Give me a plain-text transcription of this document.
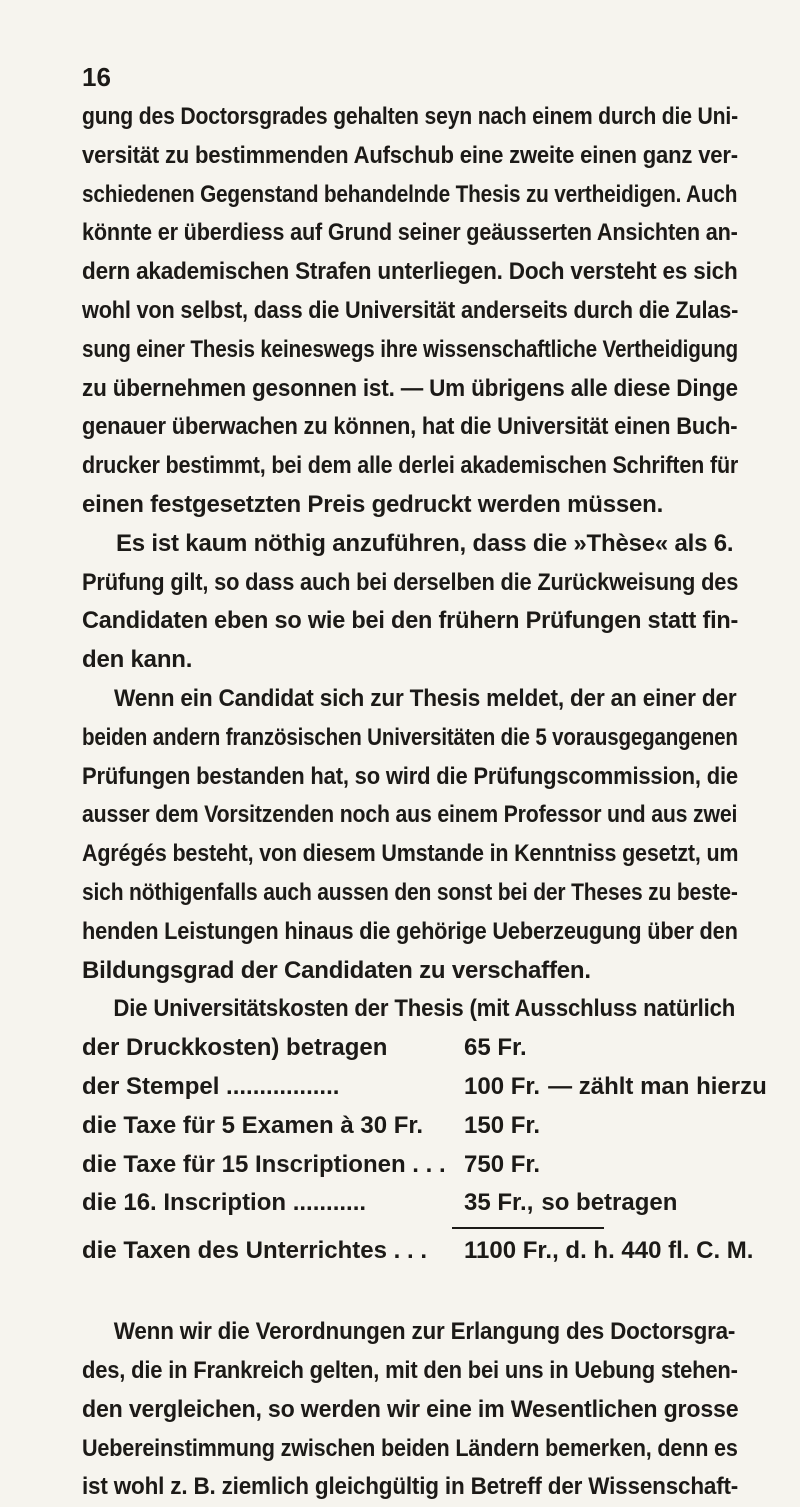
16
gung des Doctorsgrades gehalten seyn nach einem durch die Uni-
versität zu bestimmenden Aufschub eine zweite einen ganz ver-
schiedenen Gegenstand behandelnde Thesis zu vertheidigen. Auch
könnte er überdiess auf Grund seiner geäusserten Ansichten an-
dern akademischen Strafen unterliegen. Doch versteht es sich
wohl von selbst, dass die Universität anderseits durch die Zulas-
sung einer Thesis keineswegs ihre wissenschaftliche Vertheidigung
zu übernehmen gesonnen ist. — Um übrigens alle diese Dinge
genauer überwachen zu können, hat die Universität einen Buch-
drucker bestimmt, bei dem alle derlei akademischen Schriften für
einen festgesetzten Preis gedruckt werden müssen.
Es ist kaum nöthig anzuführen, dass die »Thèse« als 6.
Prüfung gilt, so dass auch bei derselben die Zurückweisung des
Candidaten eben so wie bei den frühern Prüfungen statt fin-
den kann.
Wenn ein Candidat sich zur Thesis meldet, der an einer der
beiden andern französischen Universitäten die 5 vorausgegangenen
Prüfungen bestanden hat, so wird die Prüfungscommission, die
ausser dem Vorsitzenden noch aus einem Professor und aus zwei
Agrégés besteht, von diesem Umstande in Kenntniss gesetzt, um
sich nöthigenfalls auch aussen den sonst bei der Theses zu beste-
henden Leistungen hinaus die gehörige Ueberzeugung über den
Bildungsgrad der Candidaten zu verschaffen.
Die Universitätskosten der Thesis (mit Ausschluss natürlich
der Druckkosten) betragen	65 Fr.
der Stempel .................	100 Fr. — zählt man hierzu
die Taxe für 5 Examen à 30 Fr. 150 Fr.
die Taxe für 15 Inscriptionen . . . 750 Fr.
die 16. Inscription ...........	35 Fr., so betragen
die Taxen des Unterrichtes . . . 1100 Fr., d. h. 440 fl. C. M.
Wenn wir die Verordnungen zur Erlangung des Doctorsgra-
des, die in Frankreich gelten, mit den bei uns in Uebung stehen-
den vergleichen, so werden wir eine im Wesentlichen grosse
Uebereinstimmung zwischen beiden Ländern bemerken, denn es
ist wohl z. B. ziemlich gleichgültig in Betreff der Wissenschaft-
